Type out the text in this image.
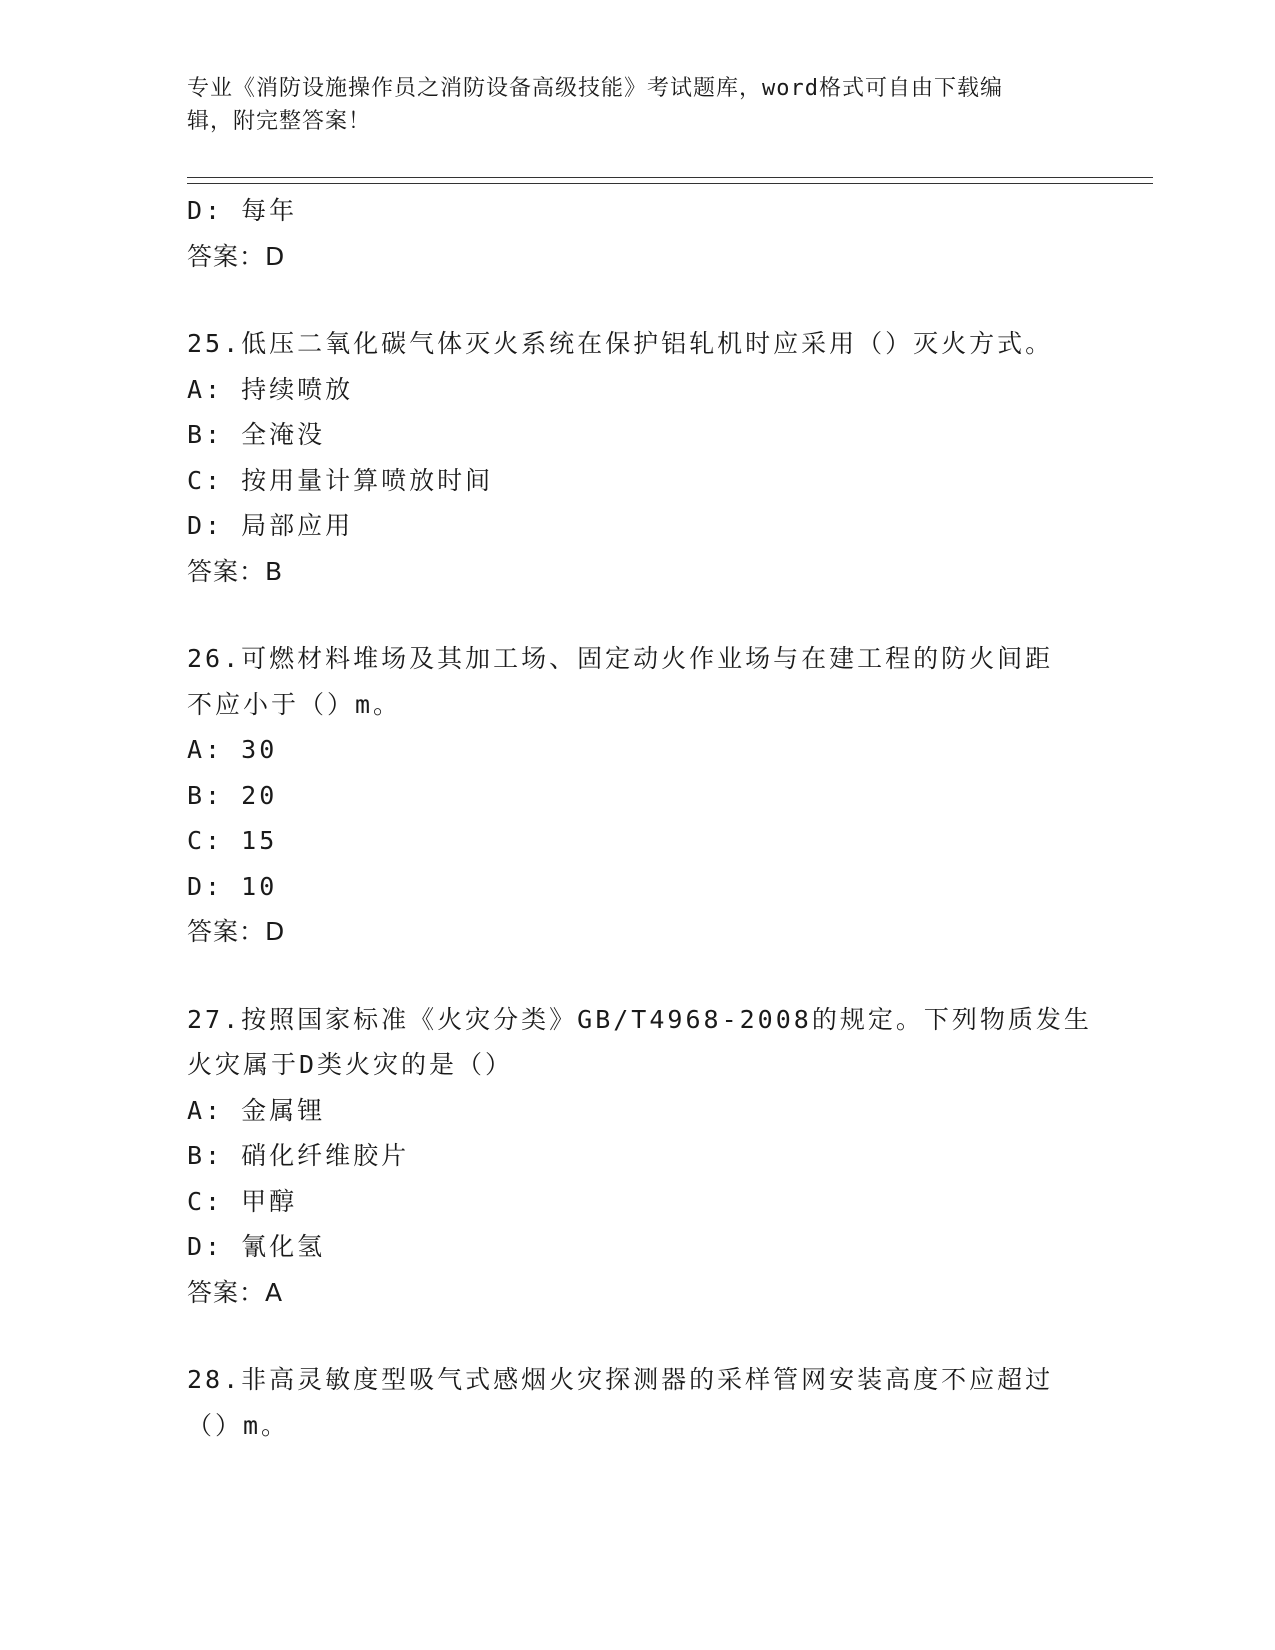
专业《消防设施操作员之消防设备高级技能》考试题库，word格式可自由下载编
辑，附完整答案！
D: 每年
答案：D
25.低压二氧化碳气体灭火系统在保护铝轧机时应采用（）灭火方式。
A: 持续喷放
B: 全淹没
C: 按用量计算喷放时间
D: 局部应用
答案：B
26.可燃材料堆场及其加工场、固定动火作业场与在建工程的防火间距
不应小于（）m。
A: 30
B: 20
C: 15
D: 10
答案：D
27.按照国家标准《火灾分类》GB/T4968-2008的规定。下列物质发生
火灾属于D类火灾的是（）
A: 金属锂
B: 硝化纤维胶片
C: 甲醇
D: 氰化氢
答案：A
28.非高灵敏度型吸气式感烟火灾探测器的采样管网安装高度不应超过
（）m。
